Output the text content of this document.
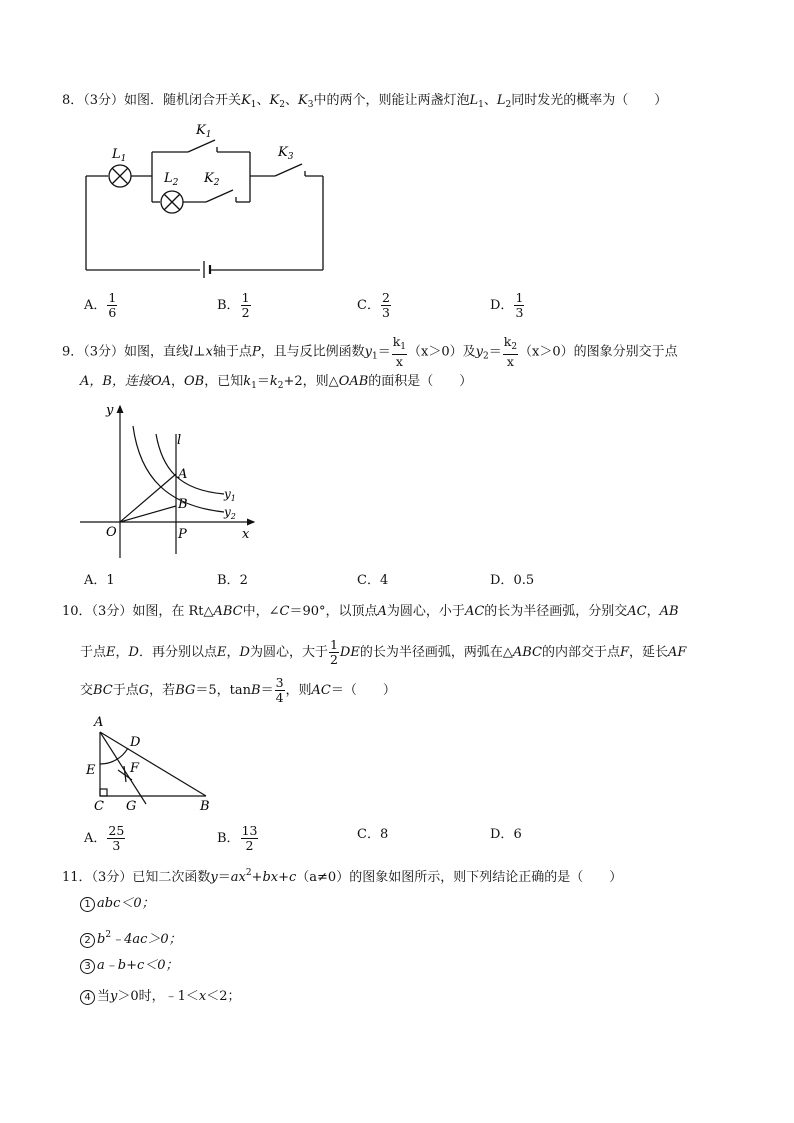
8．（3分）如图．随机闭合开关$K_1$、$K_2$、$K_3$中的两个，则能让两盏灯泡$L_1$、$L_2$同时发光的概率为（　　）
$L_1$
$K_1$
$L_2$ $K_2$
$K_3$
A． $\frac{1}{6}$	B． $\frac{1}{2}$	C． $\frac{2}{3}$	D． $\frac{1}{3}$
9．（3分）如图，直线l⊥x轴于点P，且与反比例函数$y_1= \frac{k_1}{x} (x>0)$及$y_2= \frac{k_2}{x} (x>0)$的图象分别交于点
A，B，连接OA，OB，已知$k_1=k_2+2$，则△OAB的面积是（　　）
y
x
l
A
B
O	P
$y_1$
$y_2$
A．1	B．2	C．4	D．0.5
10．（3分）如图，在 Rt△ABC中，∠C＝90°，以顶点A为圆心，小于AC的长为半径画弧，分别交AC，AB
于点E，D．再分别以点E，D为圆心，大于 $\frac{1}{2}$ DE的长为半径画弧，两弧在△ABC的内部交于点F，延长AF
交BC于点G，若BG＝5，$\tan B= \frac{3}{4}$ ，则AC＝（　　）
A
D
E	F
C G	B
A． $\frac{25}{3}$	B． $\frac{13}{2}$	C．8	D．6
11．（3分）已知二次函数$y=ax^2+bx+c(a\ne 0)$的图象如图所示，则下列结论正确的是（　　）
1 abc＜0；
2 $b^2﹣4ac>0$；
3 a﹣b+c＜0；
4 当y＞0时，﹣1＜x＜2；
